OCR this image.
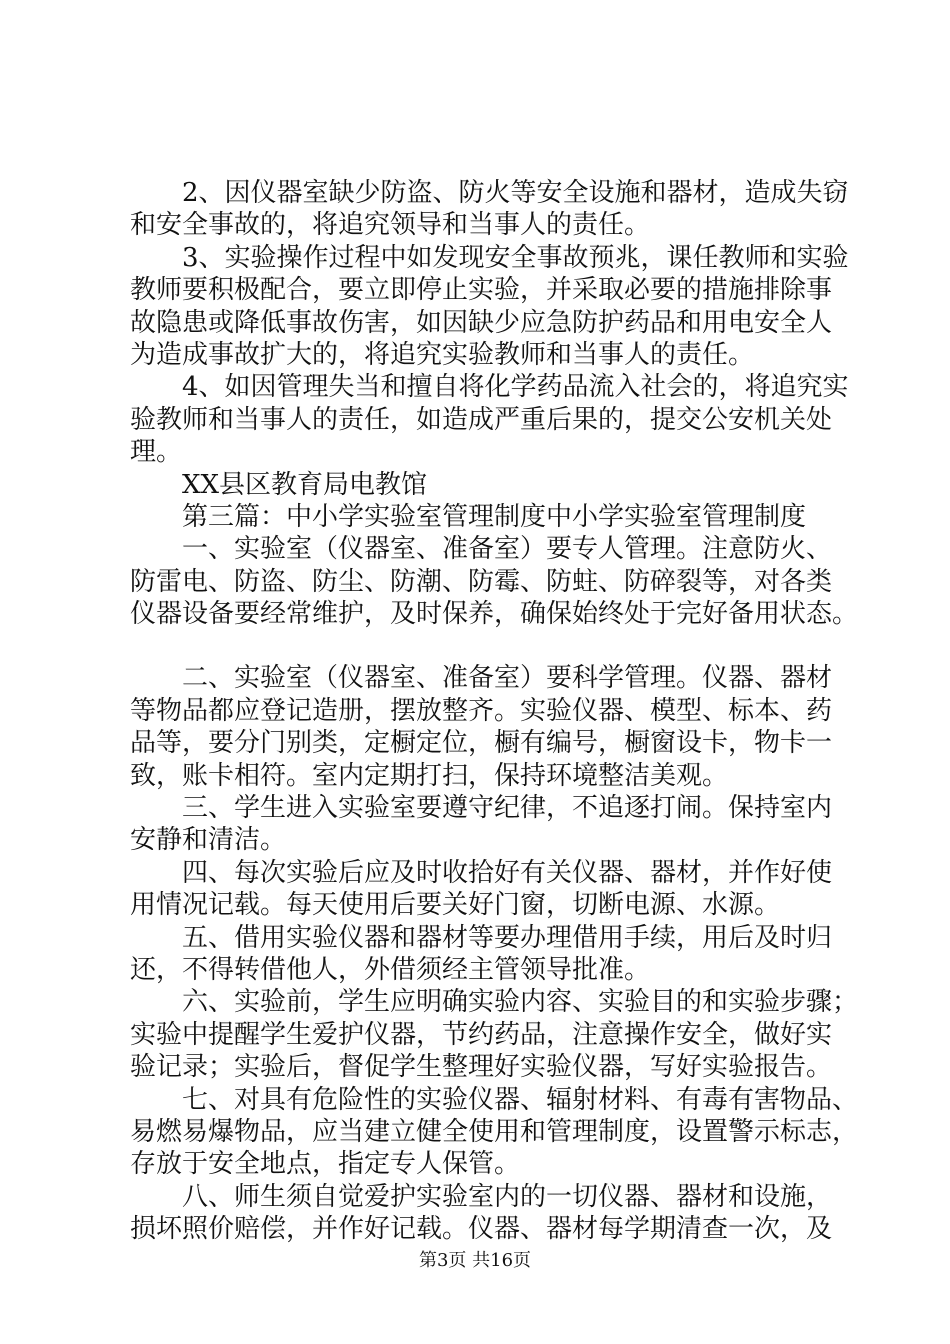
2、因仪器室缺少防盗、防火等安全设施和器材，造成失窃
和安全事故的，将追究领导和当事人的责任。
3、实验操作过程中如发现安全事故预兆，课任教师和实验
教师要积极配合，要立即停止实验，并采取必要的措施排除事
故隐患或降低事故伤害，如因缺少应急防护药品和用电安全人
为造成事故扩大的，将追究实验教师和当事人的责任。
4、如因管理失当和擅自将化学药品流入社会的，将追究实
验教师和当事人的责任，如造成严重后果的，提交公安机关处
理。
XX县区教育局电教馆
第三篇：中小学实验室管理制度中小学实验室管理制度
一、实验室（仪器室、准备室）要专人管理。注意防火、
防雷电、防盗、防尘、防潮、防霉、防蛀、防碎裂等，对各类
仪器设备要经常维护，及时保养，确保始终处于完好备用状态。
二、实验室（仪器室、准备室）要科学管理。仪器、器材
等物品都应登记造册，摆放整齐。实验仪器、模型、标本、药
品等，要分门别类，定橱定位，橱有编号，橱窗设卡，物卡一
致，账卡相符。室内定期打扫，保持环境整洁美观。
三、学生进入实验室要遵守纪律，不追逐打闹。保持室内
安静和清洁。
四、每次实验后应及时收拾好有关仪器、器材，并作好使
用情况记载。每天使用后要关好门窗，切断电源、水源。
五、借用实验仪器和器材等要办理借用手续，用后及时归
还，不得转借他人，外借须经主管领导批准。
六、实验前，学生应明确实验内容、实验目的和实验步骤；
实验中提醒学生爱护仪器，节约药品，注意操作安全，做好实
验记录；实验后，督促学生整理好实验仪器，写好实验报告。
七、对具有危险性的实验仪器、辐射材料、有毒有害物品、
易燃易爆物品，应当建立健全使用和管理制度，设置警示标志，
存放于安全地点，指定专人保管。
八、师生须自觉爱护实验室内的一切仪器、器材和设施，
损坏照价赔偿，并作好记载。仪器、器材每学期清查一次，及
第3页 共16页
